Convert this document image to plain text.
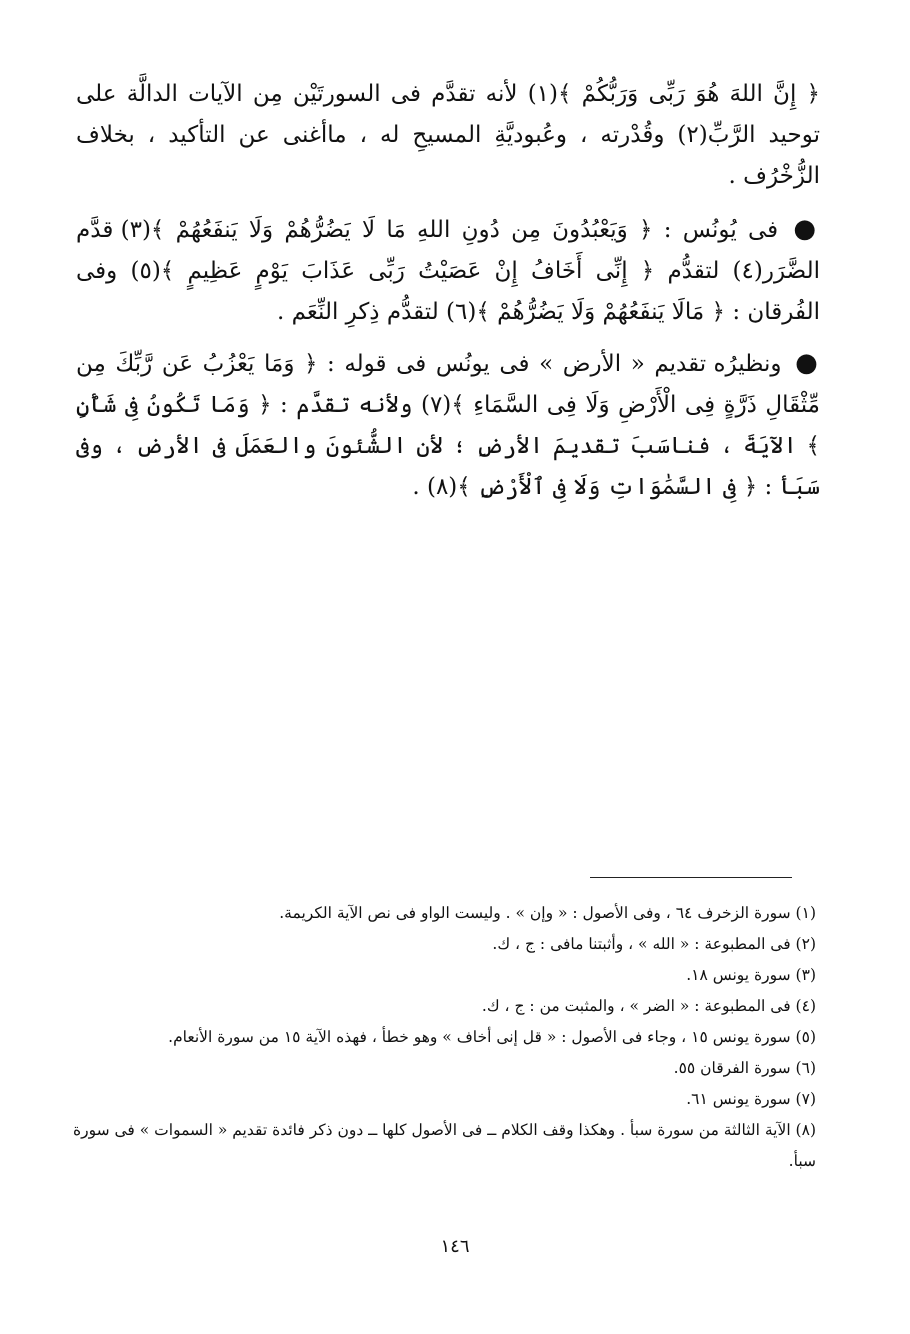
﴿ إِنَّ اللهَ هُوَ رَبِّى وَرَبُّكُمْ ﴾(١) لأنه تقدَّم فى السورتَيْن مِن الآيات الدالَّة على توحيد الرَّبِّ(٢) وقُدْرته ، وعُبوديَّةِ المسيحِ له ، ماأغنى عن التأكيد ، بخلاف الزُّخْرُف .

● فى يُونُس : ﴿ وَيَعْبُدُونَ مِن دُونِ اللهِ مَا لَا يَضُرُّهُمْ وَلَا يَنفَعُهُمْ ﴾(٣) قدَّم الضَّرَر(٤) لتقدُّم ﴿ إِنِّى أَخَافُ إِنْ عَصَيْتُ رَبِّى عَذَابَ يَوْمٍ عَظِيمٍ ﴾(٥) وفى الفُرقان : ﴿ مَالَا يَنفَعُهُمْ وَلَا يَضُرُّهُمْ ﴾(٦) لتقدُّم ذِكرِ النِّعَم .

● ونظيرُه تقديم « الأرض » فى يونُس فى قوله : ﴿ وَمَا يَعْزُبُ عَن رَّبِّكَ مِن مِّثْقَالِ ذَرَّةٍ فِى الْأَرْضِ وَلَا فِى السَّمَاءِ ﴾(٧) ولأنه تقدَّم : ﴿ وَمَا تَكُونُ فِى شَأْنٍ ﴾ الآيَةَ ، فناسَبَ تقديمَ الأرضِ ؛ لأن الشُّئونَ والعَمَلَ فى الأرض ، وفى سَبَأ : ﴿ فِى السَّمَٰوَاتِ وَلَا فِى ٱلْأَرْضِ ﴾(٨) .

(١) سورة الزخرف ٦٤ ، وفى الأصول : « وإن » . وليست الواو فى نص الآية الكريمة.

(٢) فى المطبوعة : « الله » ، وأثبتنا مافى : ج ، ك.

(٣) سورة يونس ١٨.

(٤) فى المطبوعة : « الضر » ، والمثبت من : ج ، ك.

(٥) سورة يونس ١٥ ، وجاء فى الأصول : « قل إنى أخاف » وهو خطأ ، فهذه الآية ١٥ من سورة الأنعام.

(٦) سورة الفرقان ٥٥.

(٧) سورة يونس ٦١.

(٨) الآية الثالثة من سورة سبأ . وهكذا وقف الكلام ــ فى الأصول كلها ــ دون ذكر فائدة تقديم « السموات » فى سورة سبأ.

١٤٦
